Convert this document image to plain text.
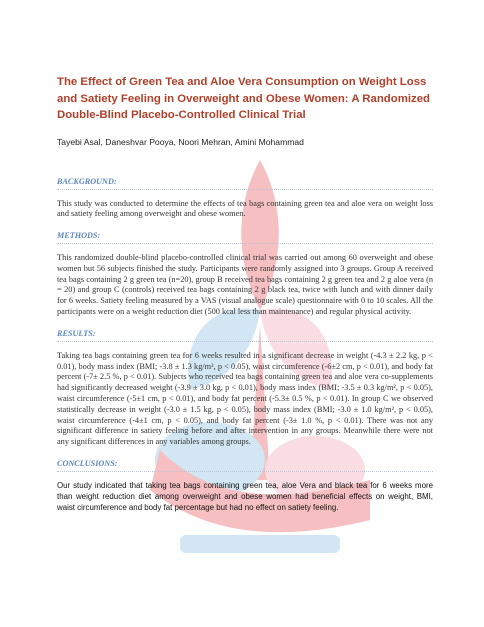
The Effect of Green Tea and Aloe Vera Consumption on Weight Loss and Satiety Feeling in Overweight and Obese Women: A Randomized Double-Blind Placebo-Controlled Clinical Trial

Tayebi Asal, Daneshvar Pooya, Noori Mehran, Amini Mohammad

BACKGROUND:

This study was conducted to determine the effects of tea bags containing green tea and aloe vera on weight loss and satiety feeling among overweight and obese women.

METHODS:

This randomized double-blind placebo-controlled clinical trial was carried out among 60 overweight and obese women but 56 subjects finished the study. Participants were randomly assigned into 3 groups. Group A received tea bags containing 2 g green tea (n=20), group B received tea bags containing 2 g green tea and 2 g aloe vera (n = 20) and group C (controls) received tea bags containing 2 g black tea, twice with lunch and with dinner daily for 6 weeks. Satiety feeling measured by a VAS (visual analogue scale) questionnaire with 0 to 10 scales. All the participants were on a weight reduction diet (500 kcal less than maintenance) and regular physical activity.

RESULTS:

Taking tea bags containing green tea for 6 weeks resulted in a significant decrease in weight (-4.3 ± 2.2 kg, p < 0.01), body mass index (BMI; -3.8 ± 1.3 kg/m², p < 0.05), waist circumference (-6±2 cm, p < 0.01), and body fat percent (-7± 2.5 %, p < 0.01). Subjects who received tea bags containing green tea and aloe vera co-supplements had significantly decreased weight (-3.9 ± 3.0 kg, p < 0.01), body mass index (BMI; -3.5 ± 0.3 kg/m², p < 0.05), waist circumference (-5±1 cm, p < 0.01), and body fat percent (-5.3± 0.5 %, p < 0.01). In group C we observed statistically decrease in weight (-3.0 ± 1.5 kg, p < 0.05), body mass index (BMI; -3.0 ± 1.0 kg/m², p < 0.05), waist circumference (-4±1 cm, p < 0.05), and body fat percent (-3± 1.0 %, p < 0.01). There was not any significant difference in satiety feeling before and after intervention in any groups. Meanwhile there were not any significant differences in any variables among groups.

CONCLUSIONS:

Our study indicated that taking tea bags containing green tea, aloe Vera and black tea for 6 weeks more than weight reduction diet among overweight and obese women had beneficial effects on weight, BMI, waist circumference and body fat percentage but had no effect on satiety feeling.
